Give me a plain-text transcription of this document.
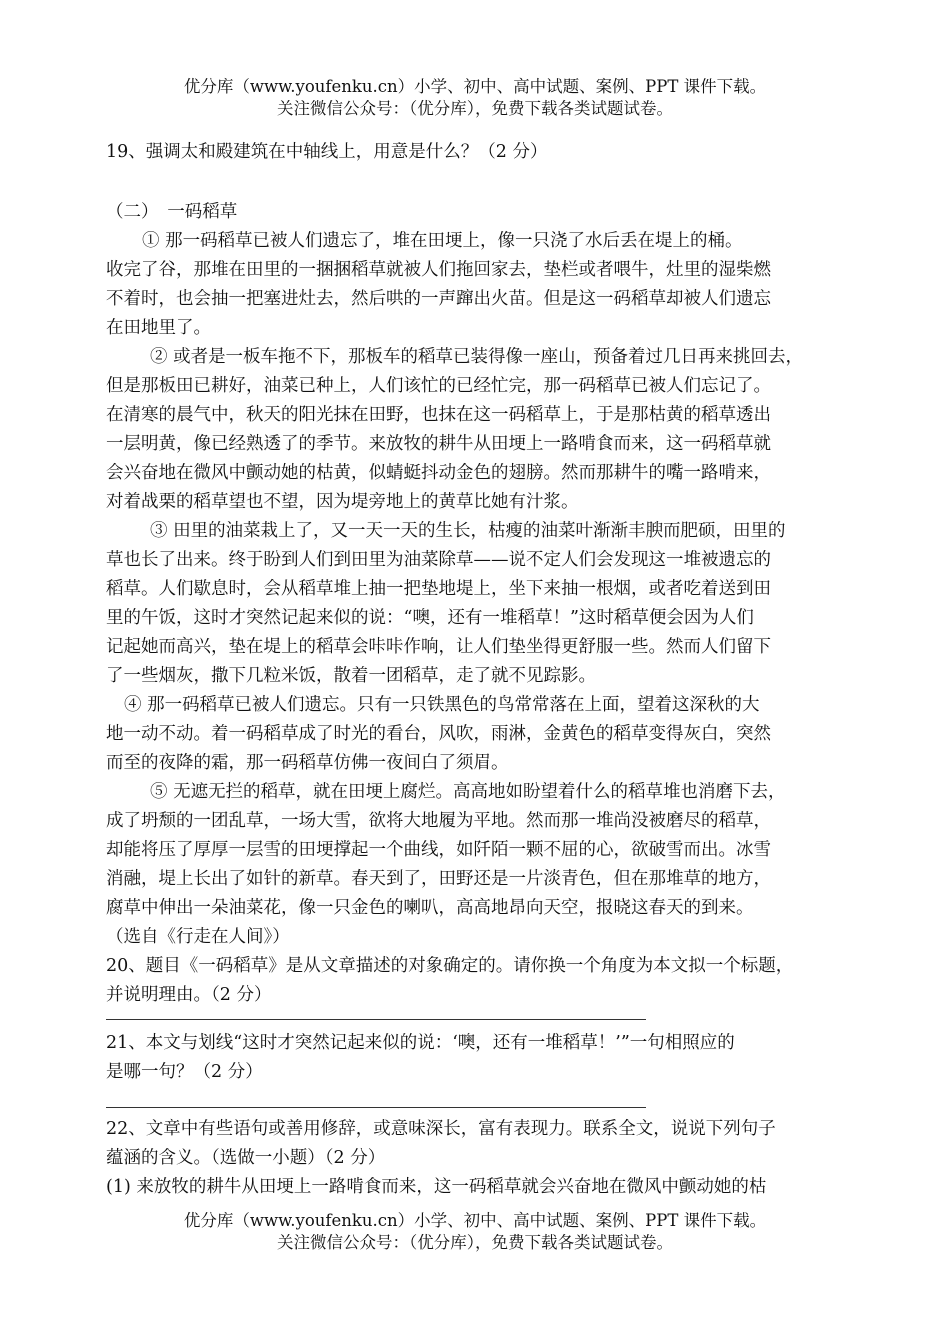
优分库（www.youfenku.cn）小学、初中、高中试题、案例、PPT 课件下载。
关注微信公众号：（优分库），免费下载各类试题试卷。
19、强调太和殿建筑在中轴线上，用意是什么？（2 分）
（二）　一码稻草
① 那一码稻草已被人们遗忘了，堆在田埂上，像一只浇了水后丢在堤上的桶。
收完了谷，那堆在田里的一捆捆稻草就被人们拖回家去，垫栏或者喂牛，灶里的湿柴燃
不着时，也会抽一把塞进灶去，然后哄的一声蹿出火苗。但是这一码稻草却被人们遗忘
在田地里了。
② 或者是一板车拖不下，那板车的稻草已装得像一座山，预备着过几日再来挑回去，
但是那板田已耕好，油菜已种上，人们该忙的已经忙完，那一码稻草已被人们忘记了。
在清寒的晨气中，秋天的阳光抹在田野，也抹在这一码稻草上，于是那枯黄的稻草透出
一层明黄，像已经熟透了的季节。来放牧的耕牛从田埂上一路啃食而来，这一码稻草就
会兴奋地在微风中颤动她的枯黄，似蜻蜓抖动金色的翅膀。然而那耕牛的嘴一路啃来，
对着战栗的稻草望也不望，因为堤旁地上的黄草比她有汁浆。
③ 田里的油菜栽上了，又一天一天的生长，枯瘦的油菜叶渐渐丰腴而肥硕，田里的
草也长了出来。终于盼到人们到田里为油菜除草——说不定人们会发现这一堆被遗忘的
稻草。人们歇息时，会从稻草堆上抽一把垫地堤上，坐下来抽一根烟，或者吃着送到田
里的午饭，这时才突然记起来似的说：“噢，还有一堆稻草！”这时稻草便会因为人们
记起她而高兴，垫在堤上的稻草会咔咔作响，让人们垫坐得更舒服一些。然而人们留下
了一些烟灰，撒下几粒米饭，散着一团稻草，走了就不见踪影。
④ 那一码稻草已被人们遗忘。只有一只铁黑色的鸟常常落在上面，望着这深秋的大
地一动不动。着一码稻草成了时光的看台，风吹，雨淋，金黄色的稻草变得灰白，突然
而至的夜降的霜，那一码稻草仿佛一夜间白了须眉。
⑤ 无遮无拦的稻草，就在田埂上腐烂。高高地如盼望着什么的稻草堆也消磨下去，
成了坍颓的一团乱草，一场大雪，欲将大地履为平地。然而那一堆尚没被磨尽的稻草，
却能将压了厚厚一层雪的田埂撑起一个曲线，如阡陌一颗不屈的心，欲破雪而出。冰雪
消融，堤上长出了如针的新草。春天到了，田野还是一片淡青色，但在那堆草的地方，
腐草中伸出一朵油菜花，像一只金色的喇叭，高高地昂向天空，报晓这春天的到来。
（选自《行走在人间》）
20、题目《一码稻草》是从文章描述的对象确定的。请你换一个角度为本文拟一个标题，
并说明理由。（2 分）
21、本文与划线“这时才突然记起来似的说：‘噢，还有一堆稻草！’”一句相照应的
是哪一句？（2 分）
22、文章中有些语句或善用修辞，或意味深长，富有表现力。联系全文，说说下列句子
蕴涵的含义。（选做一小题）（2 分）
(1) 来放牧的耕牛从田埂上一路啃食而来，这一码稻草就会兴奋地在微风中颤动她的枯
优分库（www.youfenku.cn）小学、初中、高中试题、案例、PPT 课件下载。
关注微信公众号：（优分库），免费下载各类试题试卷。
